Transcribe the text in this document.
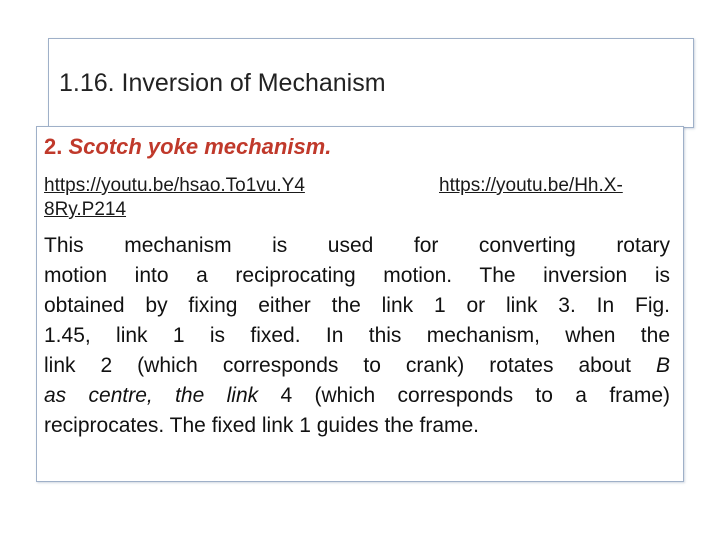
1.16. Inversion of Mechanism
2. Scotch yoke mechanism.
https://youtu.be/hsao.To1vu.Y4
8Ry.P214
https://youtu.be/Hh.X-
This mechanism is used for converting rotary
motion into a reciprocating motion. The inversion is
obtained by fixing either the link 1 or link 3. In Fig.
1.45, link 1 is fixed. In this mechanism, when the
link 2 (which corresponds to crank) rotates about B
as centre, the link 4 (which corresponds to a frame)
reciprocates. The fixed link 1 guides the frame.
